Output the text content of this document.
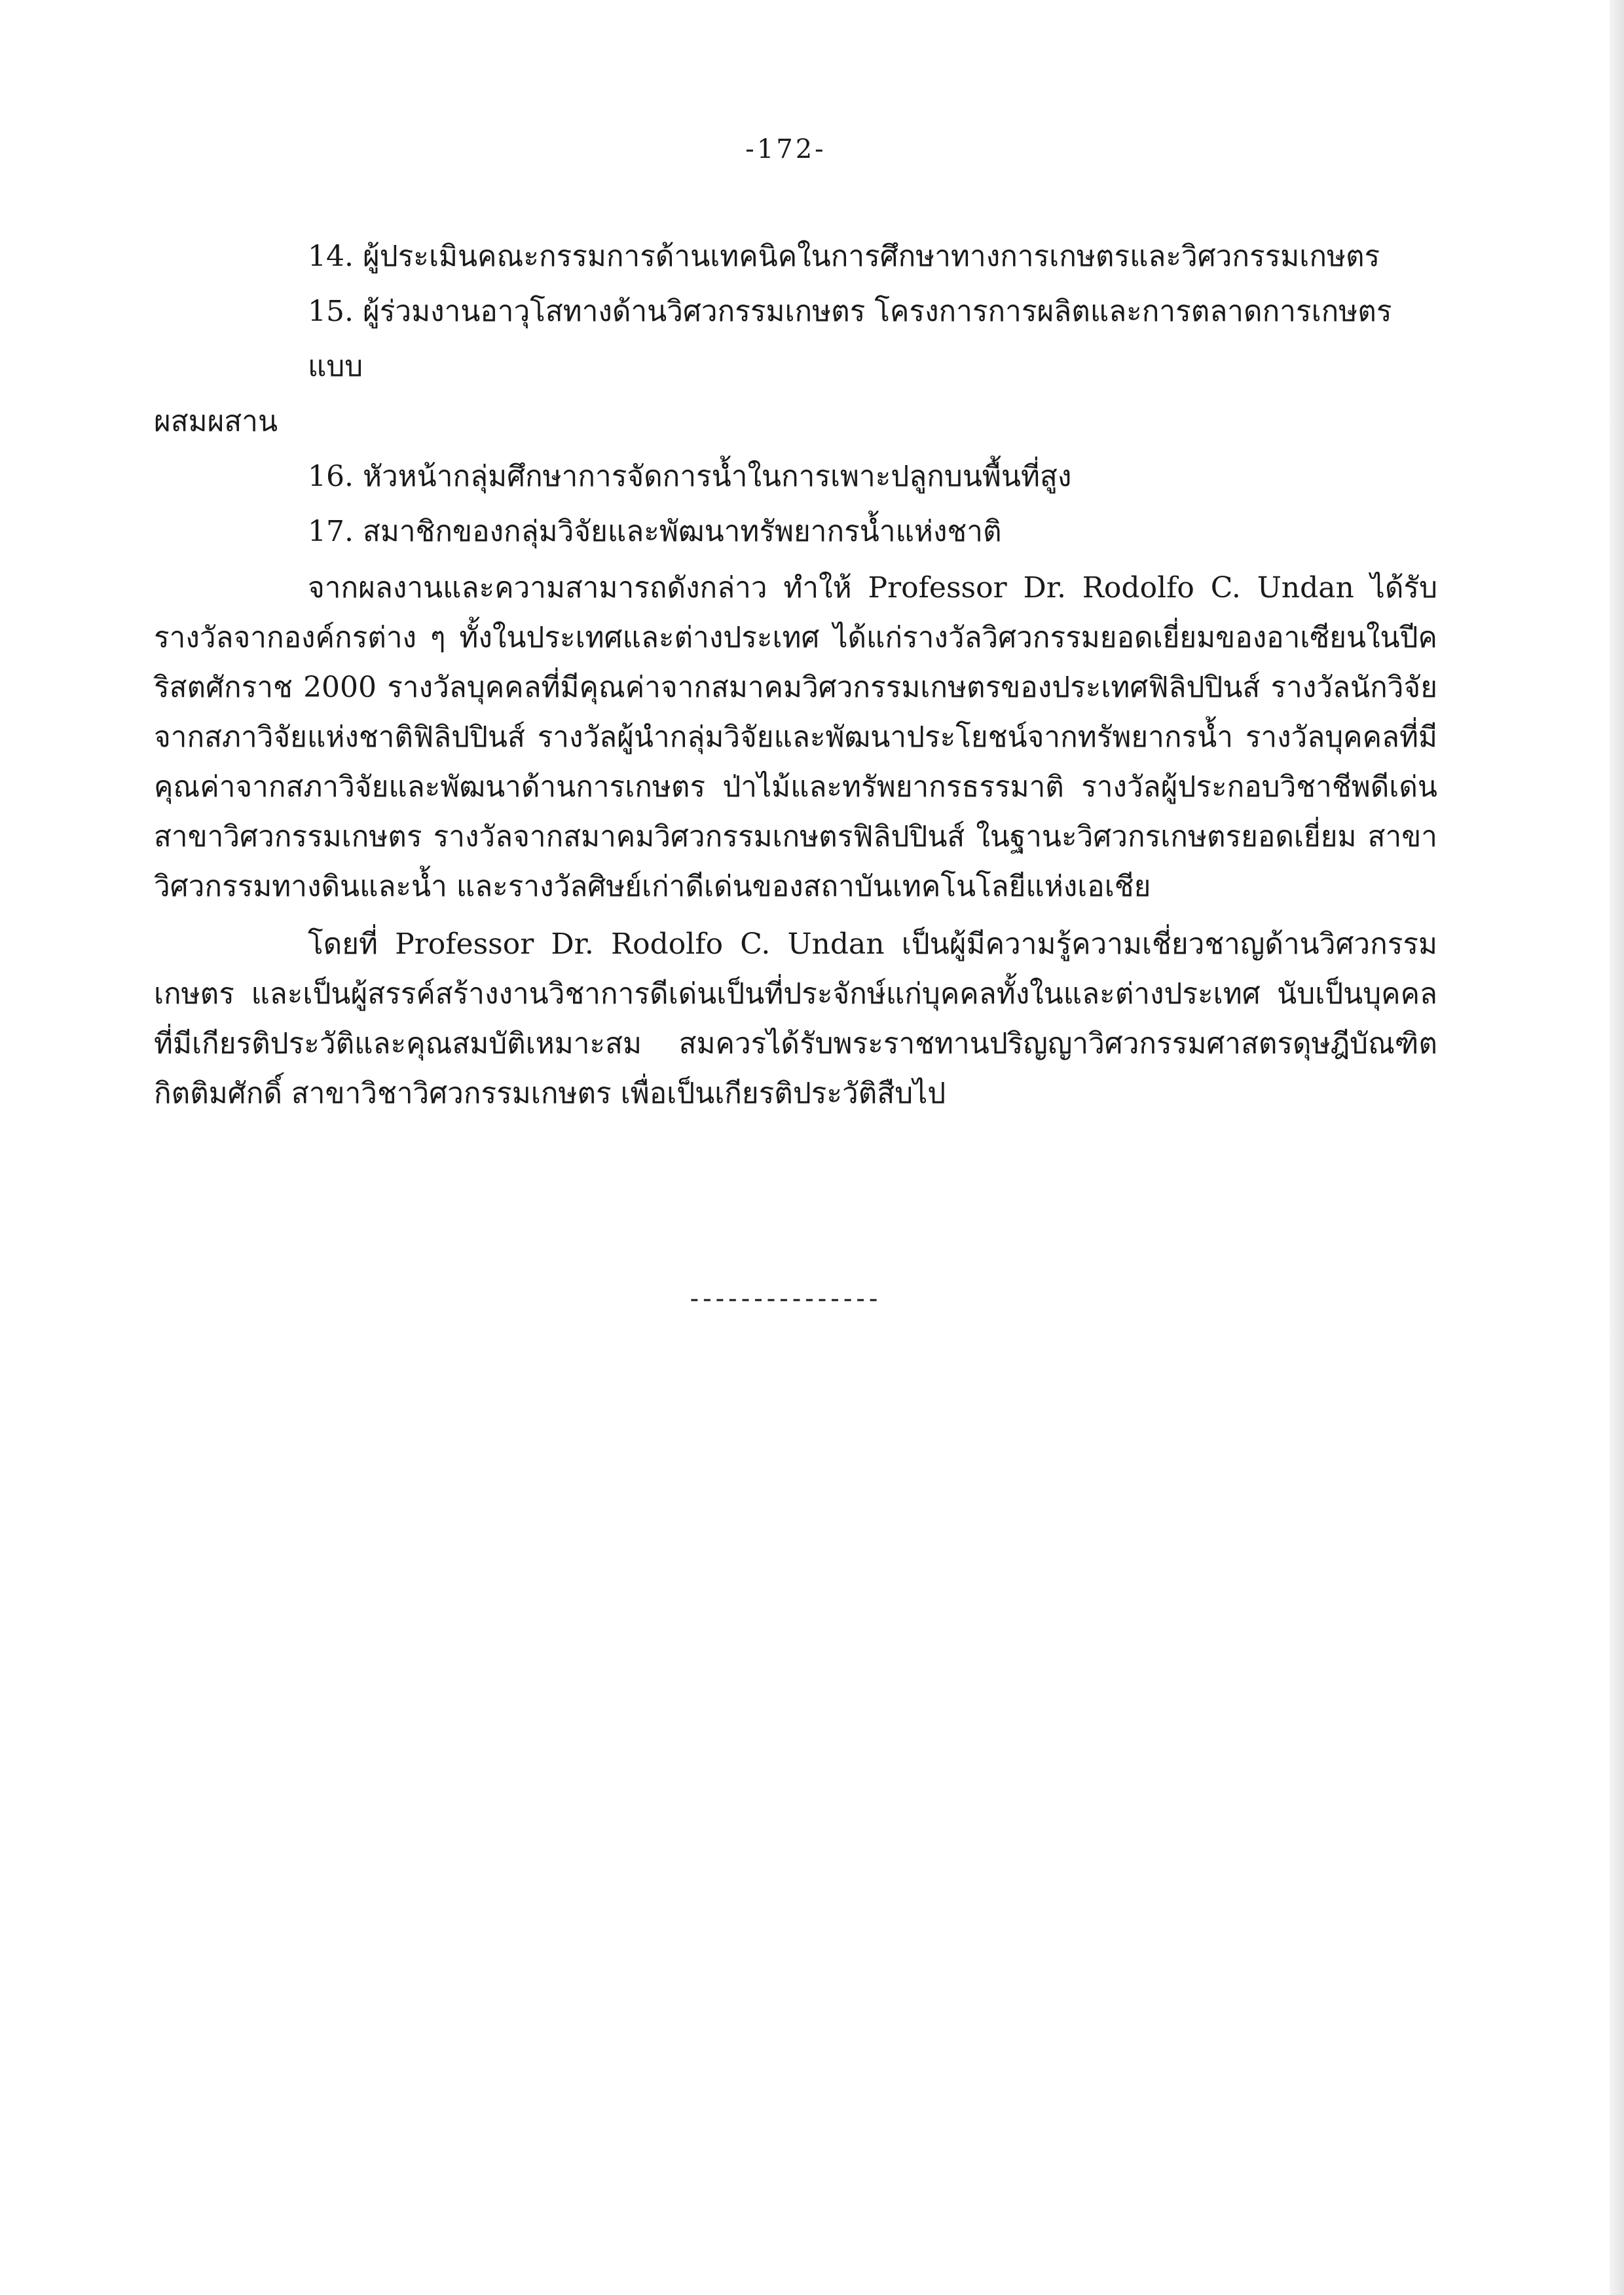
-172-
14. ผู้ประเมินคณะกรรมการด้านเทคนิคในการศึกษาทางการเกษตรและวิศวกรรมเกษตร
15. ผู้ร่วมงานอาวุโสทางด้านวิศวกรรมเกษตร โครงการการผลิตและการตลาดการเกษตรแบบ
ผสมผสาน
16. หัวหน้ากลุ่มศึกษาการจัดการน้ำในการเพาะปลูกบนพื้นที่สูง
17. สมาชิกของกลุ่มวิจัยและพัฒนาทรัพยากรน้ำแห่งชาติ

จากผลงานและความสามารถดังกล่าว ทำให้ Professor Dr. Rodolfo C. Undan ได้รับรางวัลจากองค์กรต่าง ๆ ทั้งในประเทศและต่างประเทศ ได้แก่รางวัลวิศวกรรมยอดเยี่ยมของอาเซียนในปีคริสตศักราช 2000 รางวัลบุคคลที่มีคุณค่าจากสมาคมวิศวกรรมเกษตรของประเทศฟิลิปปินส์ รางวัลนักวิจัยจากสภาวิจัยแห่งชาติฟิลิปปินส์ รางวัลผู้นำกลุ่มวิจัยและพัฒนาประโยชน์จากทรัพยากรน้ำ รางวัลบุคคลที่มีคุณค่าจากสภาวิจัยและพัฒนาด้านการเกษตร ป่าไม้และทรัพยากรธรรมาติ รางวัลผู้ประกอบวิชาชีพดีเด่น สาขาวิศวกรรมเกษตร รางวัลจากสมาคมวิศวกรรมเกษตรฟิลิปปินส์ ในฐานะวิศวกรเกษตรยอดเยี่ยม สาขาวิศวกรรมทางดินและน้ำ และรางวัลศิษย์เก่าดีเด่นของสถาบันเทคโนโลยีแห่งเอเชีย

โดยที่ Professor Dr. Rodolfo C. Undan เป็นผู้มีความรู้ความเชี่ยวชาญด้านวิศวกรรมเกษตร และเป็นผู้สรรค์สร้างงานวิชาการดีเด่นเป็นที่ประจักษ์แก่บุคคลทั้งในและต่างประเทศ นับเป็นบุคคลที่มีเกียรติประวัติและคุณสมบัติเหมาะสม สมควรได้รับพระราชทานปริญญาวิศวกรรมศาสตรดุษฎีบัณฑิตกิตติมศักดิ์ สาขาวิชาวิศวกรรมเกษตร เพื่อเป็นเกียรติประวัติสืบไป

---------------
